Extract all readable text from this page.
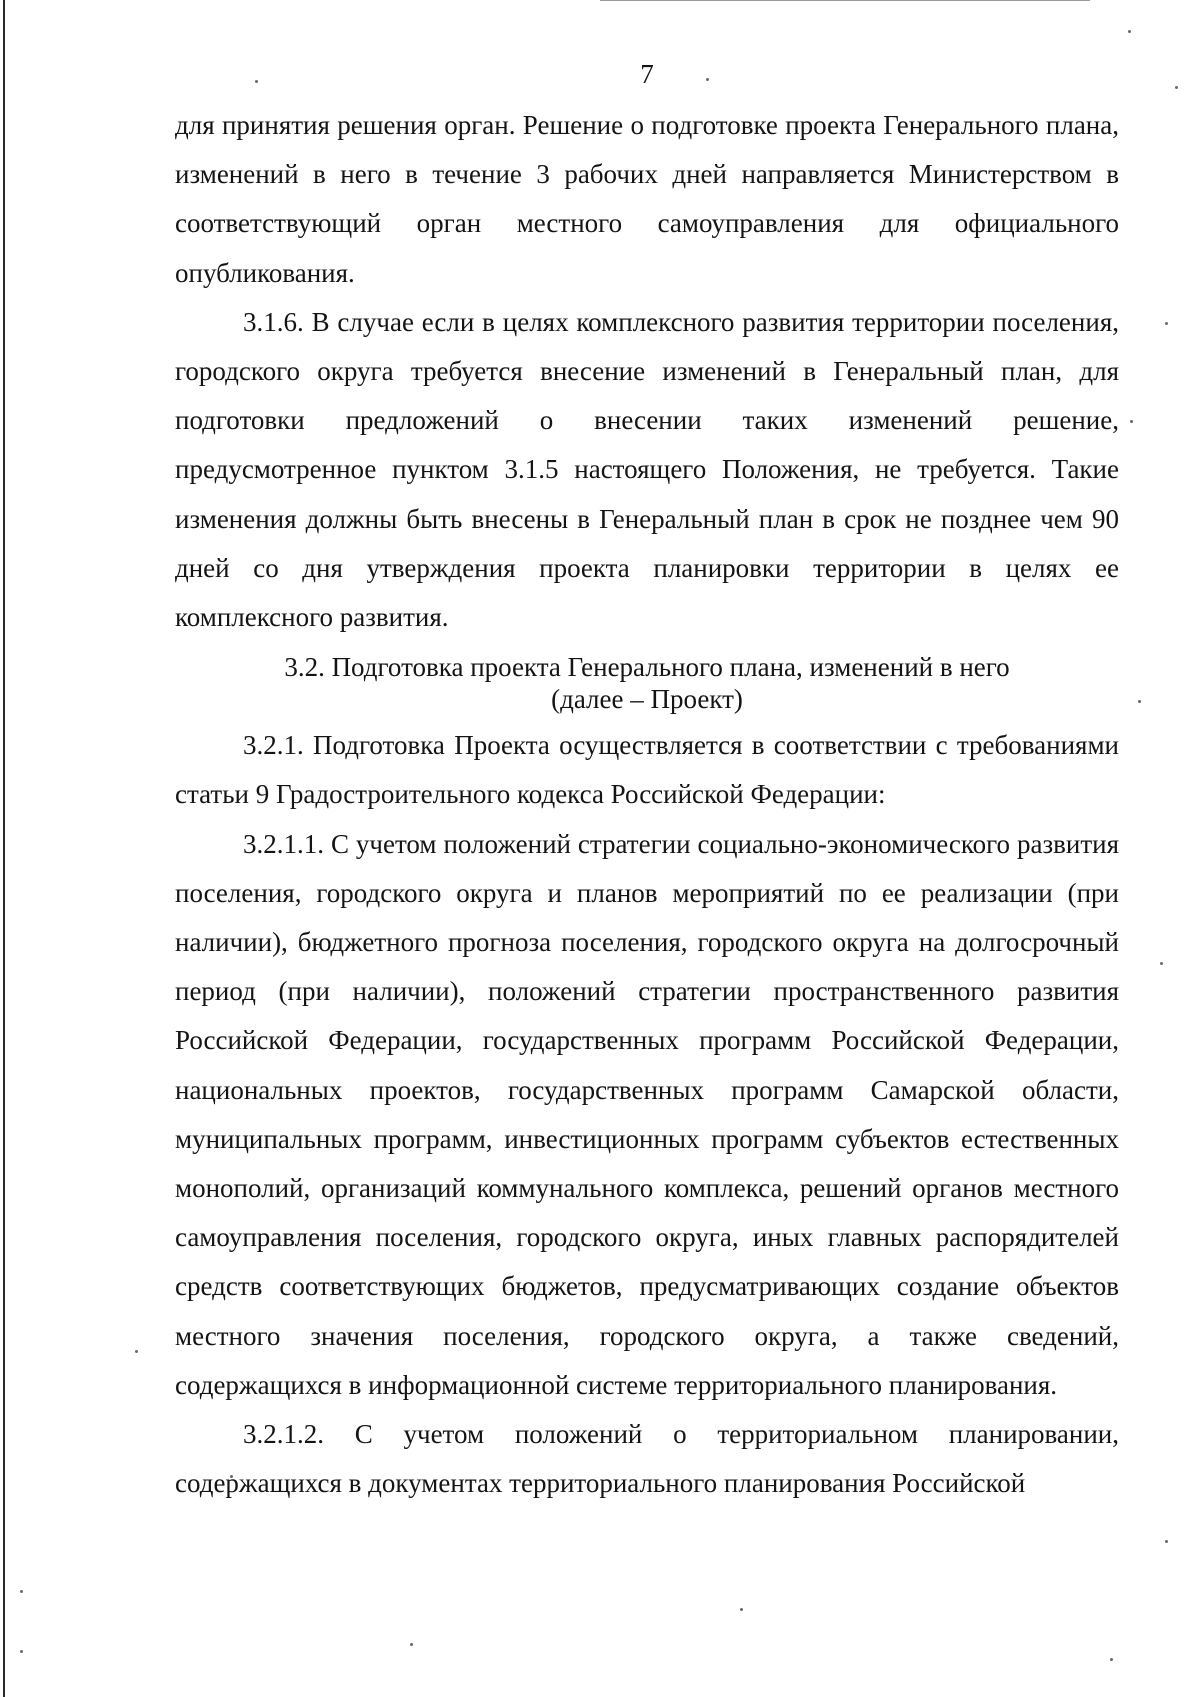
7

для принятия решения орган. Решение о подготовке проекта Генерального плана, изменений в него в течение 3 рабочих дней направляется Министерством в соответствующий орган местного самоуправления для официального опубликования.

3.1.6. В случае если в целях комплексного развития территории поселения, городского округа требуется внесение изменений в Генеральный план, для подготовки предложений о внесении таких изменений решение, предусмотренное пунктом 3.1.5 настоящего Положения, не требуется. Такие изменения должны быть внесены в Генеральный план в срок не позднее чем 90 дней со дня утверждения проекта планировки территории в целях ее комплексного развития.

3.2. Подготовка проекта Генерального плана, изменений в него

(далее – Проект)

3.2.1. Подготовка Проекта осуществляется в соответствии с требованиями статьи 9 Градостроительного кодекса Российской Федерации:

3.2.1.1. С учетом положений стратегии социально-экономического развития поселения, городского округа и планов мероприятий по ее реализации (при наличии), бюджетного прогноза поселения, городского округа на долгосрочный период (при наличии), положений стратегии пространственного развития Российской Федерации, государственных программ Российской Федерации, национальных проектов, государственных программ Самарской области, муниципальных программ, инвестиционных программ субъектов естественных монополий, организаций коммунального комплекса, решений органов местного самоуправления поселения, городского округа, иных главных распорядителей средств соответствующих бюджетов, предусматривающих создание объектов местного значения поселения, городского округа, а также сведений, содержащихся в информационной системе территориального планирования.

3.2.1.2. С учетом положений о территориальном планировании, содержащихся в документах территориального планирования Российской
